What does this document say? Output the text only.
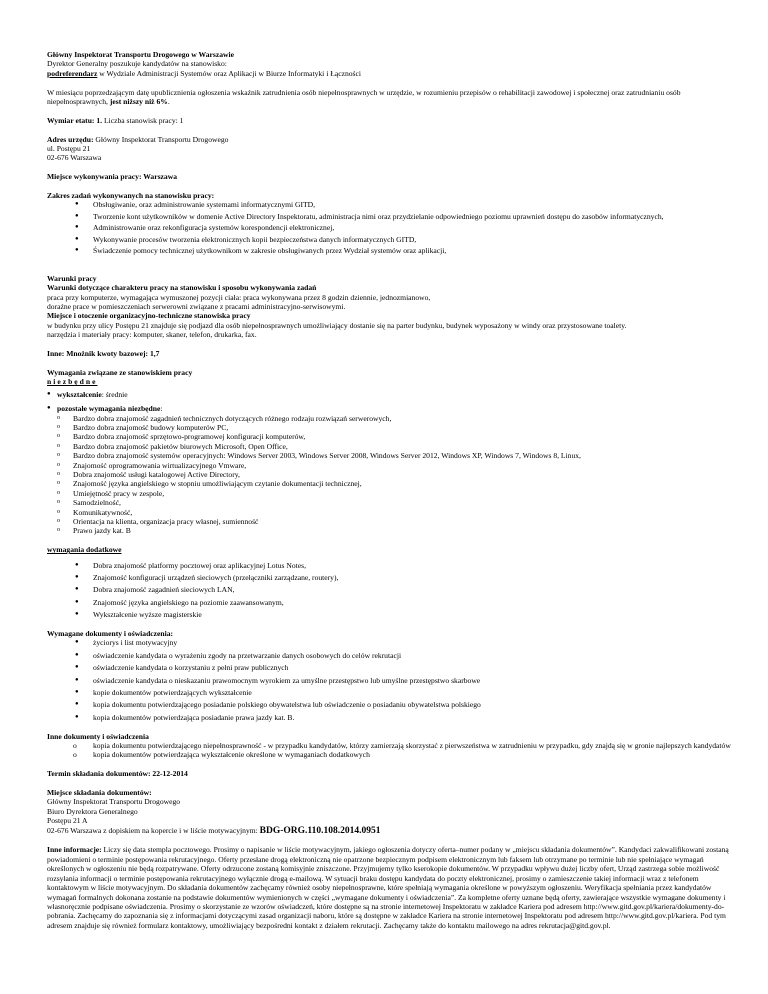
Główny Inspektorat Transportu Drogowego w Warszawie
Dyrektor Generalny poszukuje kandydatów na stanowisko:
podreferendarz w Wydziale Administracji Systemów oraz Aplikacji w Biurze Informatyki i Łączności
W miesiącu poprzedzającym datę upublicznienia ogłoszenia wskaźnik zatrudnienia osób niepełnosprawnych w urzędzie, w rozumieniu przepisów o rehabilitacji zawodowej i społecznej oraz zatrudnianiu osób niepełnosprawnych, jest niższy niż 6%.
Wymiar etatu: 1. Liczba stanowisk pracy: 1
Adres urzędu: Główny Inspektorat Transportu Drogowego
ul. Postępu 21
02-676 Warszawa
Miejsce wykonywania pracy: Warszawa
Zakres zadań wykonywanych na stanowisku pracy:
● Obsługiwanie, oraz administrowanie systemami informatycznymi GITD,
● Tworzenie kont użytkowników w domenie Active Directory Inspektoratu, administracja nimi oraz przydzielanie odpowiedniego poziomu uprawnień dostępu do zasobów informatycznych,
● Administrowanie oraz rekonfiguracja systemów korespondencji elektronicznej,
● Wykonywanie procesów tworzenia elektronicznych kopii bezpieczeństwa danych informatycznych GITD,
● Świadczenie pomocy technicznej użytkownikom w zakresie obsługiwanych przez Wydział systemów oraz aplikacji,
Warunki pracy
Warunki dotyczące charakteru pracy na stanowisku i sposobu wykonywania zadań
praca przy komputerze, wymagająca wymuszonej pozycji ciała: praca wykonywana przez 8 godzin dziennie, jednozmianowo,
doraźne prace w pomieszczeniach serwerowni związane z pracami administracyjno-serwisowymi.
Miejsce i otoczenie organizacyjno-techniczne stanowiska pracy
w budynku przy ulicy Postępu 21 znajduje się podjazd dla osób niepełnosprawnych umożliwiający dostanie się na parter budynku, budynek wyposażony w windy oraz przystosowane toalety.
narzędzia i materiały pracy: komputer, skaner, telefon, drukarka, fax.
Inne: Mnożnik kwoty bazowej: 1,7
Wymagania związane ze stanowiskiem pracy
niezbędne
● wykształcenie: średnie
● pozostałe wymagania niezbędne:
o Bardzo dobra znajomość zagadnień technicznych dotyczących różnego rodzaju rozwiązań serwerowych,
o Bardzo dobra znajomość budowy komputerów PC,
o Bardzo dobra znajomość sprzętowo-programowej konfiguracji komputerów,
o Bardzo dobra znajomość pakietów biurowych Microsoft, Open Office,
o Bardzo dobra znajomość systemów operacyjnych: Windows Server 2003, Windows Server 2008, Windows Server 2012, Windows XP, Windows 7, Windows 8, Linux,
o Znajomość oprogramowania wirtualizacyjnego Vmware,
o Dobra znajomość usługi katalogowej Active Directory,
o Znajomość języka angielskiego w stopniu umożliwiającym czytanie dokumentacji technicznej,
o Umiejętność pracy w zespole,
o Samodzielność,
o Komunikatywność,
o Orientacja na klienta, organizacja pracy własnej, sumienność
o Prawo jazdy kat. B
wymagania dodatkowe
● Dobra znajomość platformy pocztowej oraz aplikacyjnej Lotus Notes,
● Znajomość konfiguracji urządzeń sieciowych (przełączniki zarządzane, routery),
● Dobra znajomość zagadnień sieciowych LAN,
● Znajomość języka angielskiego na poziomie zaawansowanym,
● Wykształcenie wyższe magisterskie
Wymagane dokumenty i oświadczenia:
● życiorys i list motywacyjny
● oświadczenie kandydata o wyrażeniu zgody na przetwarzanie danych osobowych do celów rekrutacji
● oświadczenie kandydata o korzystaniu z pełni praw publicznych
● oświadczenie kandydata o nieskazaniu prawomocnym wyrokiem za umyślne przestępstwo lub umyślne przestępstwo skarbowe
● kopie dokumentów potwierdzających wykształcenie
● kopia dokumentu potwierdzającego posiadanie polskiego obywatelstwa lub oświadczenie o posiadaniu obywatelstwa polskiego
● kopia dokumentów potwierdzająca posiadanie prawa jazdy kat. B.
Inne dokumenty i oświadczenia
o kopia dokumentu potwierdzającego niepełnosprawność - w przypadku kandydatów, którzy zamierzają skorzystać z pierwszeństwa w zatrudnieniu w przypadku, gdy znajdą się w gronie najlepszych kandydatów
o kopia dokumentów potwierdzająca wykształcenie określone w wymaganiach dodatkowych
Termin składania dokumentów: 22-12-2014
Miejsce składania dokumentów:
Główny Inspektorat Transportu Drogowego
Biuro Dyrektora Generalnego
Postępu 21 A
02-676 Warszawa z dopiskiem na kopercie i w liście motywacyjnym: BDG-ORG.110.108.2014.0951
Inne informacje: Liczy się data stempla pocztowego. Prosimy o napisanie w liście motywacyjnym, jakiego ogłoszenia dotyczy oferta–numer podany w „miejscu składania dokumentów”. Kandydaci zakwalifikowani zostaną powiadomieni o terminie postępowania rekrutacyjnego. Oferty przesłane drogą elektroniczną nie opatrzone bezpiecznym podpisem elektronicznym lub faksem lub otrzymane po terminie lub nie spełniające wymagań określonych w ogłoszeniu nie będą rozpatrywane. Oferty odrzucone zostaną komisyjnie zniszczone. Przyjmujemy tylko kserokopie dokumentów. W przypadku wpływu dużej liczby ofert, Urząd zastrzega sobie możliwość rozsyłania informacji o terminie postępowania rekrutacyjnego wyłącznie drogą e-mailową. W sytuacji braku dostępu kandydata do poczty elektronicznej, prosimy o zamieszczenie takiej informacji wraz z telefonem kontaktowym w liście motywacyjnym. Do składania dokumentów zachęcamy również osoby niepełnosprawne, które spełniają wymagania określone w powyższym ogłoszeniu. Weryfikacja spełniania przez kandydatów wymagań formalnych dokonana zostanie na podstawie dokumentów wymienionych w części „wymagane dokumenty i oświadczenia”. Za kompletne oferty uznane będą oferty, zawierające wszystkie wymagane dokumenty i własnoręcznie podpisane oświadczenia. Prosimy o skorzystanie ze wzorów oświadczeń, które dostępne są na stronie internetowej Inspektoratu w zakładce Kariera pod adresem http://www.gitd.gov.pl/kariera/dokumenty-do-pobrania. Zachęcamy do zapoznania się z informacjami dotyczącymi zasad organizacji naboru, które są dostępne w zakładce Kariera na stronie internetowej Inspektoratu pod adresem http://www.gitd.gov.pl/kariera. Pod tym adresem znajduje się również formularz kontaktowy, umożliwiający bezpośredni kontakt z działem rekrutacji. Zachęcamy także do kontaktu mailowego na adres rekrutacja@gitd.gov.pl.
